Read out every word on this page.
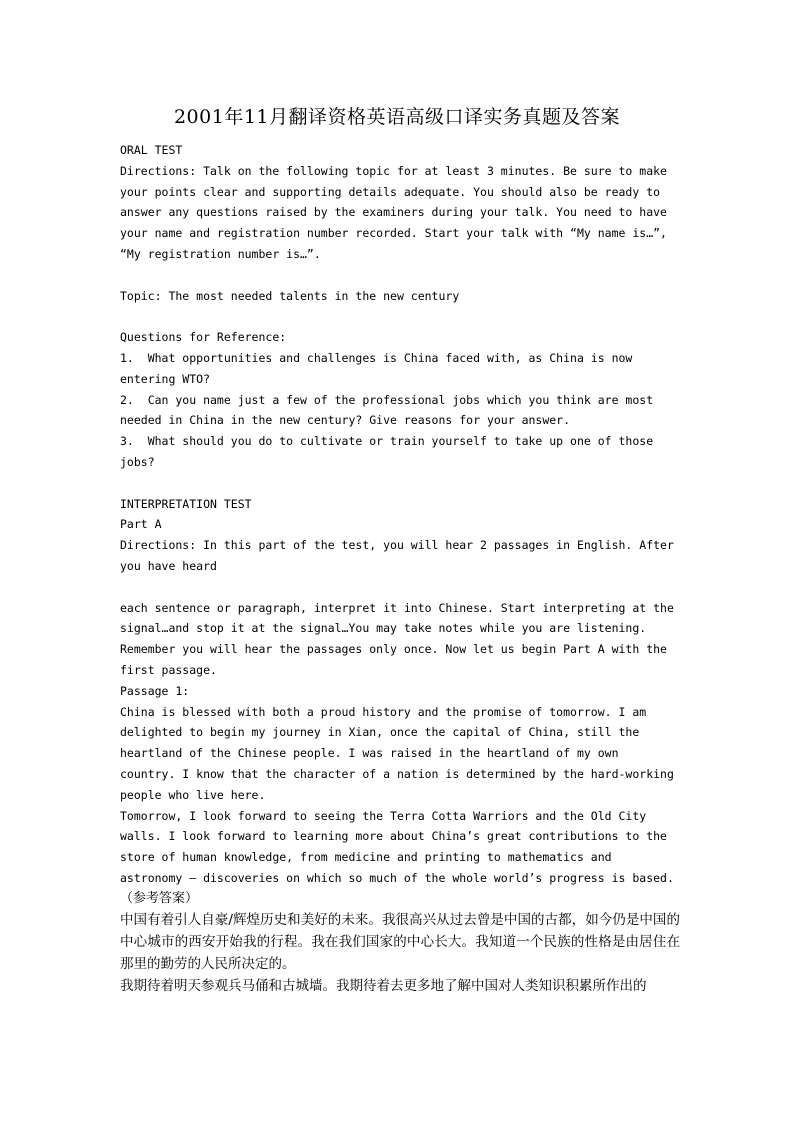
2001年11月翻译资格英语高级口译实务真题及答案

ORAL TEST

Directions: Talk on the following topic for at least 3 minutes. Be sure to make your points clear and supporting details adequate. You should also be ready to answer any questions raised by the examiners during your talk. You need to have your name and registration number recorded. Start your talk with “My name is…”, “My registration number is…”.

Topic: The most needed talents in the new century

Questions for Reference:

1.  What opportunities and challenges is China faced with, as China is now entering WTO?

2.  Can you name just a few of the professional jobs which you think are most needed in China in the new century? Give reasons for your answer.

3.  What should you do to cultivate or train yourself to take up one of those jobs?

INTERPRETATION TEST

Part A

Directions: In this part of the test, you will hear 2 passages in English. After you have heard

each sentence or paragraph, interpret it into Chinese. Start interpreting at the signal…and stop it at the signal…You may take notes while you are listening. Remember you will hear the passages only once. Now let us begin Part A with the first passage.

Passage 1:

China is blessed with both a proud history and the promise of tomorrow. I am delighted to begin my journey in Xian, once the capital of China, still the heartland of the Chinese people. I was raised in the heartland of my own country. I know that the character of a nation is determined by the hard-working people who live here.

Tomorrow, I look forward to seeing the Terra Cotta Warriors and the Old City walls. I look forward to learning more about China’s great contributions to the store of human knowledge, from medicine and printing to mathematics and astronomy — discoveries on which so much of the whole world’s progress is based.

（参考答案）

中国有着引人自豪/辉煌历史和美好的未来。我很高兴从过去曾是中国的古都，如今仍是中国的中心城市的西安开始我的行程。我在我们国家的中心长大。我知道一个民族的性格是由居住在那里的勤劳的人民所决定的。

我期待着明天参观兵马俑和古城墙。我期待着去更多地了解中国对人类知识积累所作出的
